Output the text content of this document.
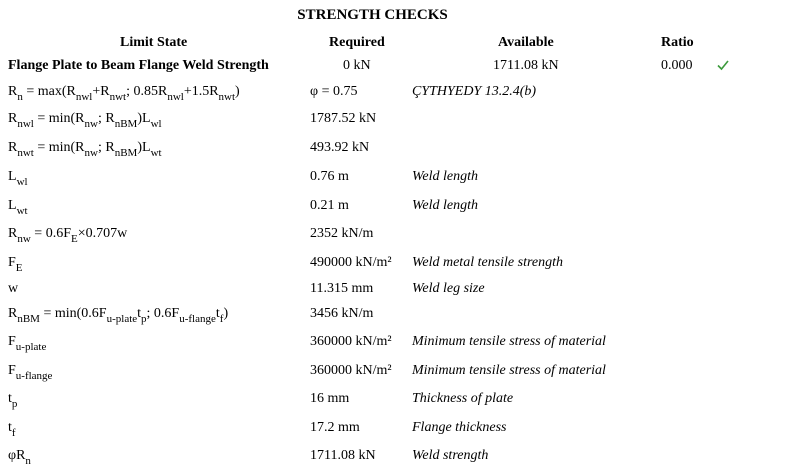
STRENGTH CHECKS
Limit State	Required	Available	Ratio
Flange Plate to Beam Flange Weld Strength	0 kN	1711.08 kN	0.000
$R_n = \max(R_{nwl}+R_{nwt}$; $0.85R_{nwl}+1.5R_{nwt}$)	φ = 0.75	ÇYTHYEDY 13.2.4(b)
$R_{nwl} = \min(R_{nw}$; $R_{nBM})L_{wl}$	1787.52 kN
$R_{nwt} = \min(R_{nw}$; $R_{nBM})L_{wt}$	493.92 kN
$L_{wl}$	0.76 m	Weld length
$L_{wt}$	0.21 m	Weld length
$R_{nw} = 0.6F_E\times 0.707w$	2352 kN/m
$F_E$	490000 kN/m² Weld metal tensile strength
w	11.315 mm	Weld leg size
$R_{nBM} = \min(0.6F_{u-plate}t_p$; $0.6F_{u-flange}t_f$)	3456 kN/m
$F_{u-plate}$	360000 kN/m² Minimum tensile stress of material
$F_{u-flange}$	360000 kN/m² Minimum tensile stress of material
$t_p$	16 mm	Thickness of plate
$t_f$	17.2 mm	Flange thickness
$\varphi R_n$	1711.08 kN	Weld strength
